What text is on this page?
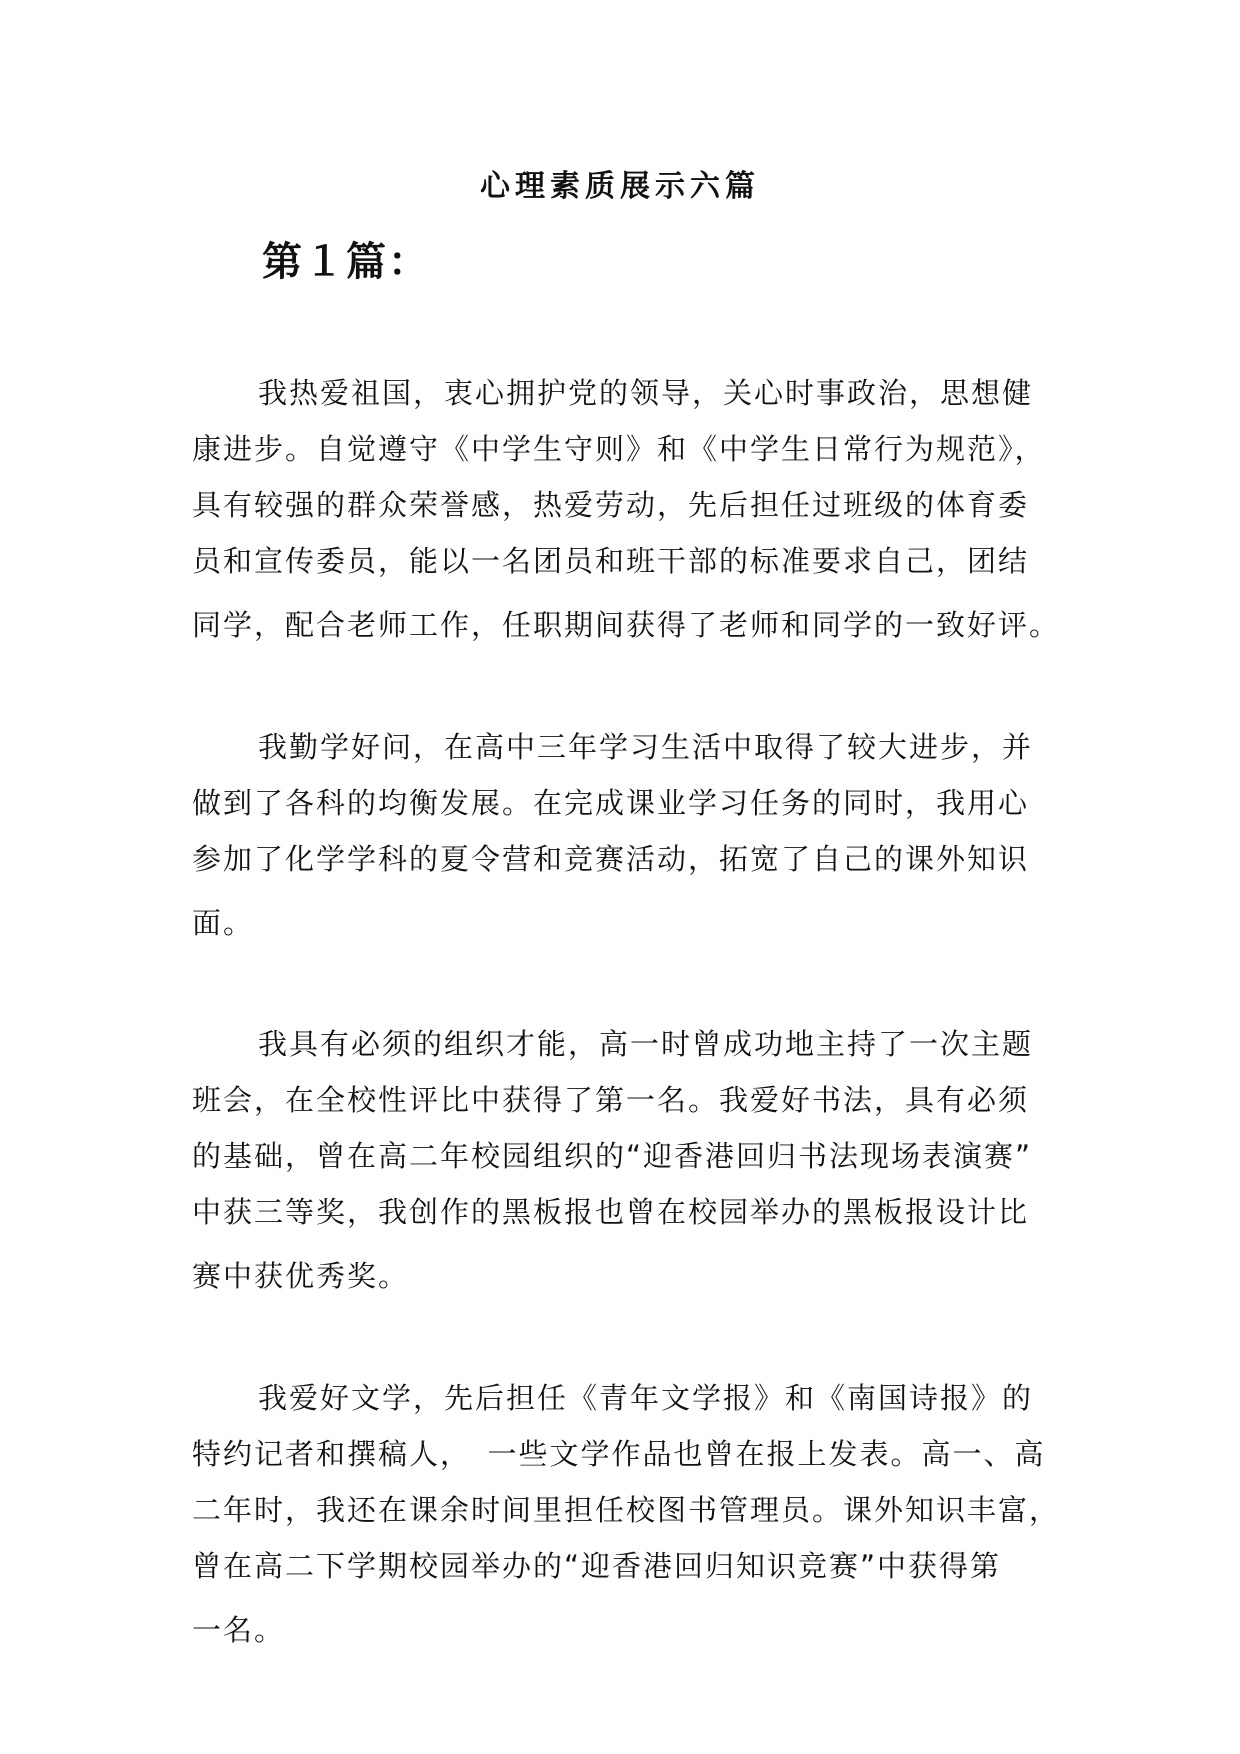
心理素质展示六篇
第１篇：
我热爱祖国，衷心拥护党的领导，关心时事政治，思想健
康进步。自觉遵守《中学生守则》和《中学生日常行为规范》，
具有较强的群众荣誉感，热爱劳动，先后担任过班级的体育委
员和宣传委员，能以一名团员和班干部的标准要求自己，团结
同学，配合老师工作，任职期间获得了老师和同学的一致好评。
我勤学好问，在高中三年学习生活中取得了较大进步，并
做到了各科的均衡发展。在完成课业学习任务的同时，我用心
参加了化学学科的夏令营和竞赛活动，拓宽了自己的课外知识
面。
我具有必须的组织才能，高一时曾成功地主持了一次主题
班会，在全校性评比中获得了第一名。我爱好书法，具有必须
的基础，曾在高二年校园组织的“迎香港回归书法现场表演赛”
中获三等奖，我创作的黑板报也曾在校园举办的黑板报设计比
赛中获优秀奖。
我爱好文学，先后担任《青年文学报》和《南国诗报》的
特约记者和撰稿人，　一些文学作品也曾在报上发表。高一、高
二年时，我还在课余时间里担任校图书管理员。课外知识丰富，
曾在高二下学期校园举办的“迎香港回归知识竞赛”中获得第
一名。
